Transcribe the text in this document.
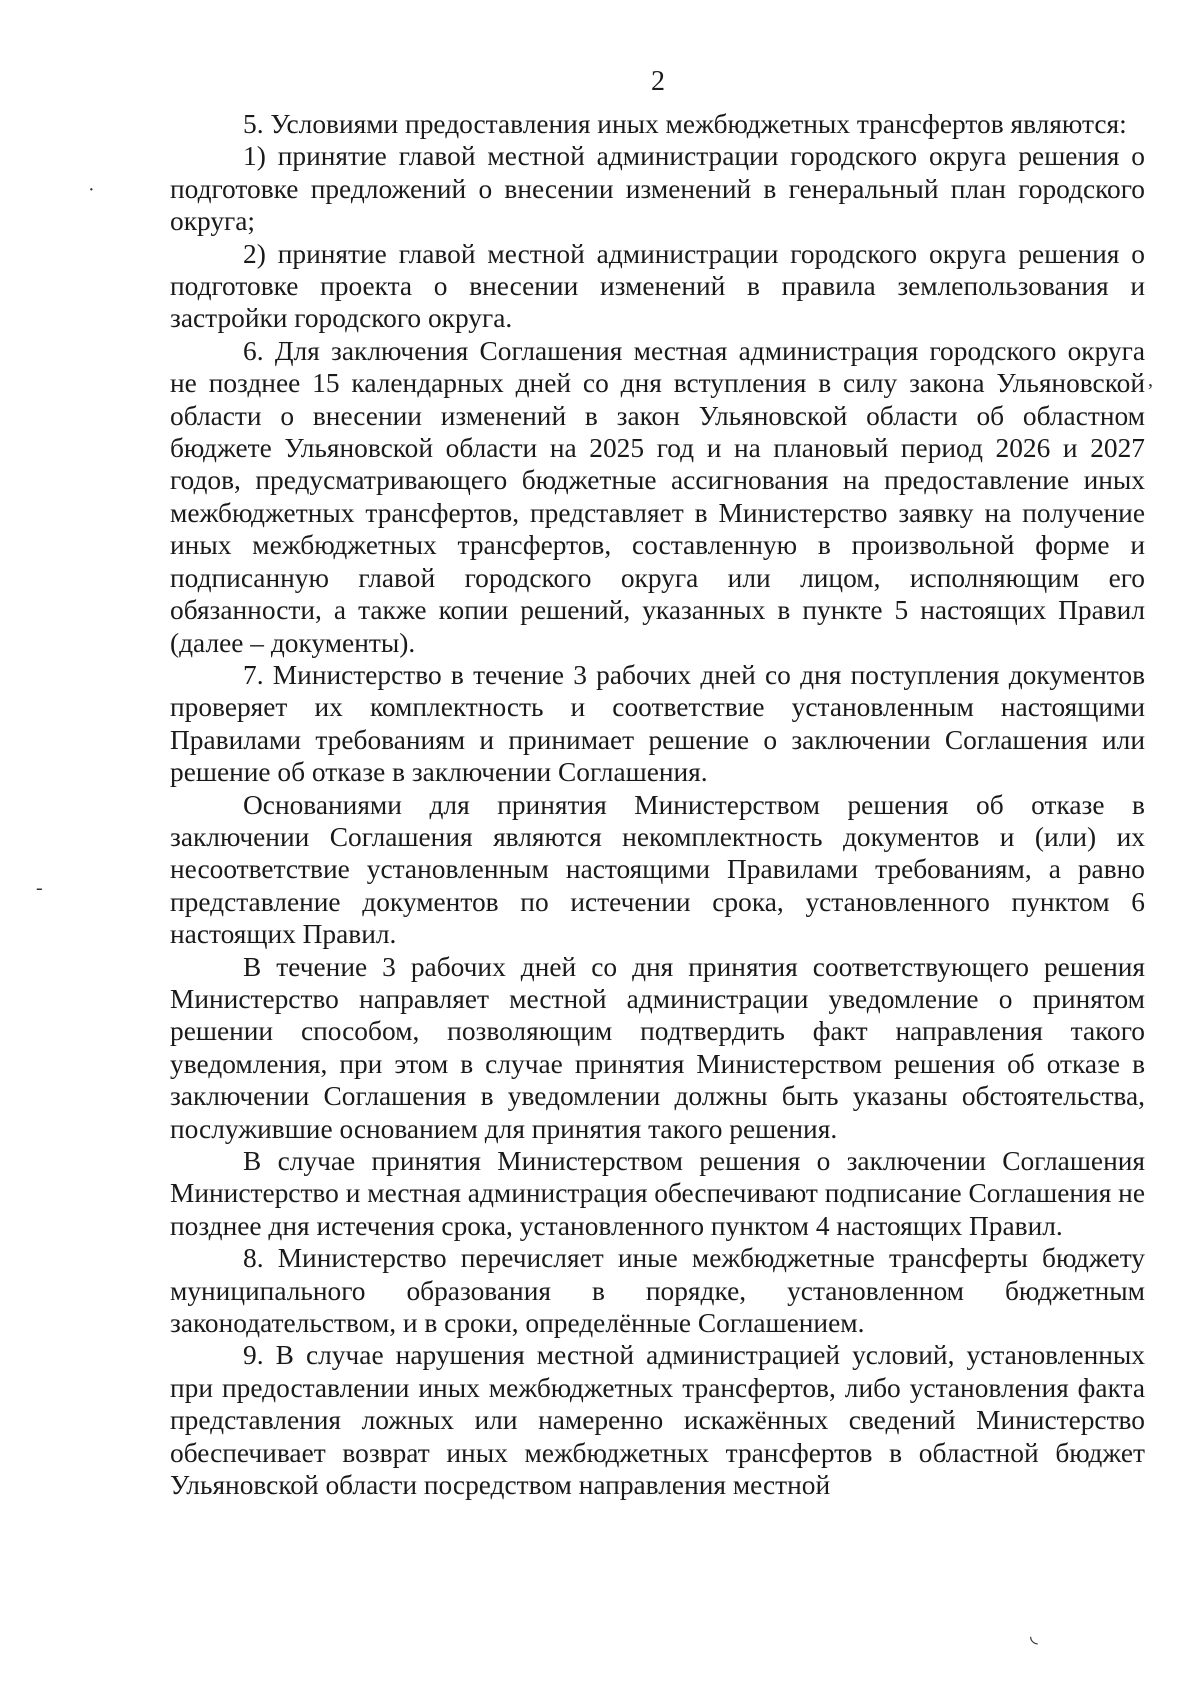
2

5. Условиями предоставления иных межбюджетных трансфертов являются:

1) принятие главой местной администрации городского округа решения о подготовке предложений о внесении изменений в генеральный план городского округа;

2) принятие главой местной администрации городского округа решения о подготовке проекта о внесении изменений в правила землепользования и застройки городского округа.

6. Для заключения Соглашения местная администрация городского округа не позднее 15 календарных дней со дня вступления в силу закона Ульяновской области о внесении изменений в закон Ульяновской области об областном бюджете Ульяновской области на 2025 год и на плановый период 2026 и 2027 годов, предусматривающего бюджетные ассигнования на предоставление иных межбюджетных трансфертов, представляет в Министерство заявку на получение иных межбюджетных трансфертов, составленную в произвольной форме и подписанную главой городского округа или лицом, исполняющим его обязанности, а также копии решений, указанных в пункте 5 настоящих Правил (далее – документы).

7. Министерство в течение 3 рабочих дней со дня поступления документов проверяет их комплектность и соответствие установленным настоящими Правилами требованиям и принимает решение о заключении Соглашения или решение об отказе в заключении Соглашения.

Основаниями для принятия Министерством решения об отказе в заключении Соглашения являются некомплектность документов и (или) их несоответствие установленным настоящими Правилами требованиям, а равно представление документов по истечении срока, установленного пунктом 6 настоящих Правил.

В течение 3 рабочих дней со дня принятия соответствующего решения Министерство направляет местной администрации уведомление о принятом решении способом, позволяющим подтвердить факт направления такого уведомления, при этом в случае принятия Министерством решения об отказе в заключении Соглашения в уведомлении должны быть указаны обстоятельства, послужившие основанием для принятия такого решения.

В случае принятия Министерством решения о заключении Соглашения Министерство и местная администрация обеспечивают подписание Соглашения не позднее дня истечения срока, установленного пунктом 4 настоящих Правил.

8. Министерство перечисляет иные межбюджетные трансферты бюджету муниципального образования в порядке, установленном бюджетным законодательством, и в сроки, определённые Соглашением.

9. В случае нарушения местной администрацией условий, установленных при предоставлении иных межбюджетных трансфертов, либо установления факта представления ложных или намеренно искажённых сведений Министерство обеспечивает возврат иных межбюджетных трансфертов в областной бюджет Ульяновской области посредством направления местной

·
,
-
◟
